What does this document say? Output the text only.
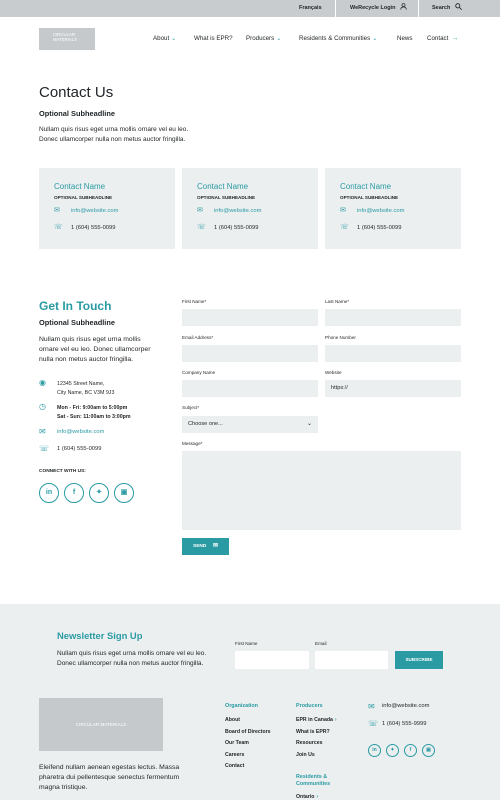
Français	WeRecycle Login	Search
CIRCULAR MATERIALS	About ⌄	What is EPR? Producers ⌄	Residents & Communities ⌄	News Contact →
Contact Us
Optional Subheadline
Nullam quis risus eget urna mollis ornare vel eu leo.
Donec ullamcorper nulla non metus auctor fringilla.
Contact Name
OPTIONAL SUBHEADLINE
✉ info@website.com
☏ 1 (604) 555-0099
Contact Name
OPTIONAL SUBHEADLINE
✉ info@website.com
☏ 1 (604) 555-0099
Contact Name
OPTIONAL SUBHEADLINE
✉ info@website.com
☏ 1 (604) 555-0099
Get In Touch
Optional Subheadline
Nullam quis risus eget urna mollis
ornare vel eu leo. Donec ullamcorper
nulla non metus auctor fringilla.
◉ 12345 Street Name,
City Name, BC V3M 9J3
◷ Mon - Fri: 9:00am to 5:00pm
Sat - Sun: 11:00am to 3:00pm
✉ info@website.com
☏ 1 (604) 555-0099
CONNECT WITH US:
in	f	✦	▣
First Name*	Last Name*
Email Address*	Phone Number
Company Name	Website
https://
Subject*
Choose one...	⌄
Message*
SEND ✉
Newsletter Sign Up
Nullam quis risus eget urna mollis ornare vel eu leo.
Donec ullamcorper nulla non metus auctor fringilla.
First Name	Email
SUBSCRIBE
CIRCULAR MATERIALS
Eleifend nullam aenean egestas lectus. Massa
pharetra dui pellentesque senectus fermentum
magna tristique.
Organization
About
Board of Directors
Our Team
Careers
Contact
Producers
EPR in Canada ›
What is EPR?
Resources
Join Us
Residents &
Communities
Ontario ›
✉ info@website.com
☏ 1 (604) 555-9999
in	✦	f	▣
